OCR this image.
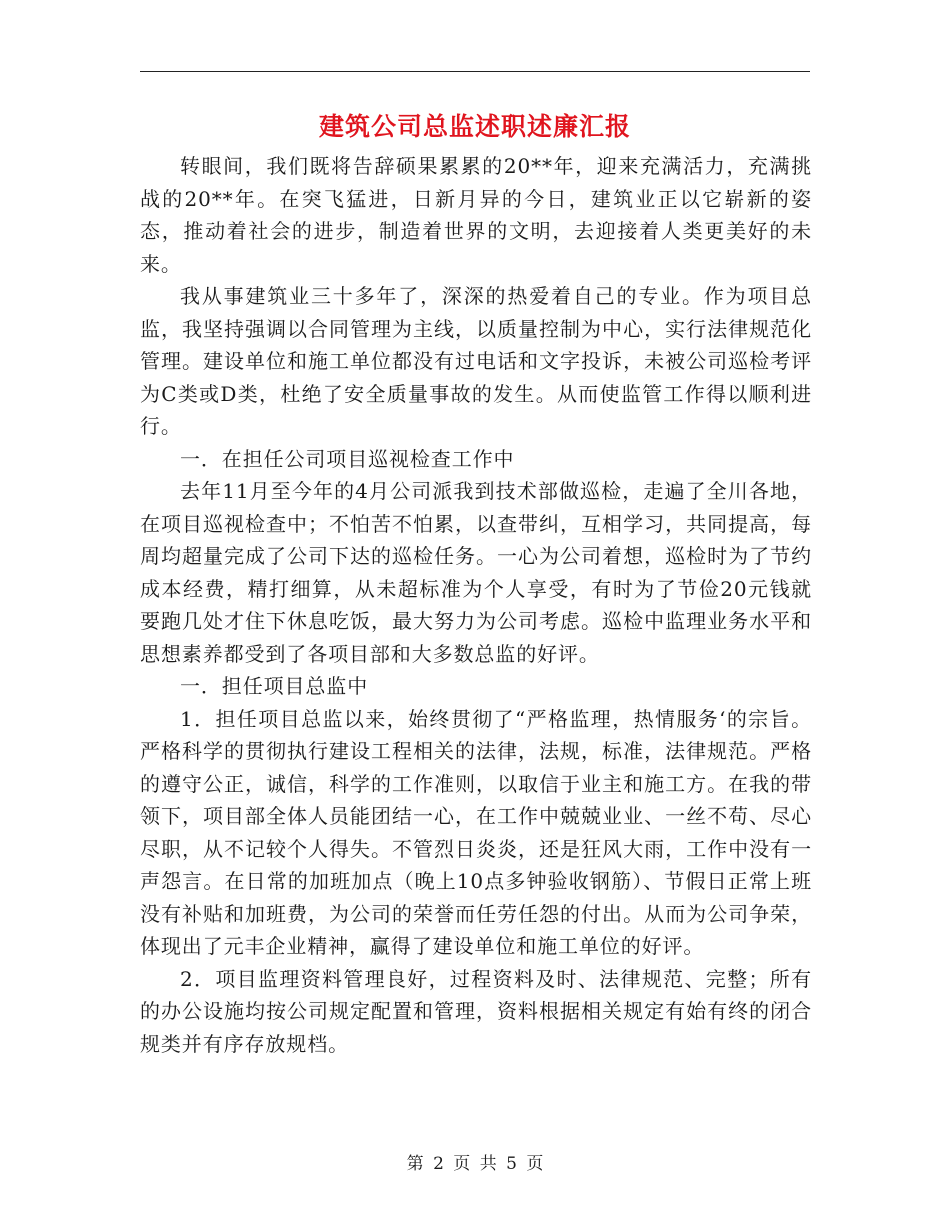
建筑公司总监述职述廉汇报

转眼间，我们既将告辞硕果累累的20**年，迎来充满活力，充满挑战的20**年。在突飞猛进，日新月异的今日，建筑业正以它崭新的姿态，推动着社会的进步，制造着世界的文明，去迎接着人类更美好的未来。

我从事建筑业三十多年了，深深的热爱着自己的专业。作为项目总监，我坚持强调以合同管理为主线，以质量控制为中心，实行法律规范化管理。建设单位和施工单位都没有过电话和文字投诉，未被公司巡检考评为C类或D类，杜绝了安全质量事故的发生。从而使监管工作得以顺利进行。

一．在担任公司项目巡视检查工作中

去年11月至今年的4月公司派我到技术部做巡检，走遍了全川各地，在项目巡视检查中；不怕苦不怕累，以查带纠，互相学习，共同提高，每周均超量完成了公司下达的巡检任务。一心为公司着想，巡检时为了节约成本经费，精打细算，从未超标准为个人享受，有时为了节俭20元钱就要跑几处才住下休息吃饭，最大努力为公司考虑。巡检中监理业务水平和思想素养都受到了各项目部和大多数总监的好评。

一．担任项目总监中

1．担任项目总监以来，始终贯彻了“严格监理，热情服务‘的宗旨。严格科学的贯彻执行建设工程相关的法律，法规，标准，法律规范。严格的遵守公正，诚信，科学的工作准则，以取信于业主和施工方。在我的带领下，项目部全体人员能团结一心，在工作中兢兢业业、一丝不苟、尽心尽职，从不记较个人得失。不管烈日炎炎，还是狂风大雨，工作中没有一声怨言。在日常的加班加点（晚上10点多钟验收钢筋）、节假日正常上班没有补贴和加班费，为公司的荣誉而任劳任怨的付出。从而为公司争荣，体现出了元丰企业精神，赢得了建设单位和施工单位的好评。

2．项目监理资料管理良好，过程资料及时、法律规范、完整；所有的办公设施均按公司规定配置和管理，资料根据相关规定有始有终的闭合规类并有序存放规档。

第 2 页 共 5 页
